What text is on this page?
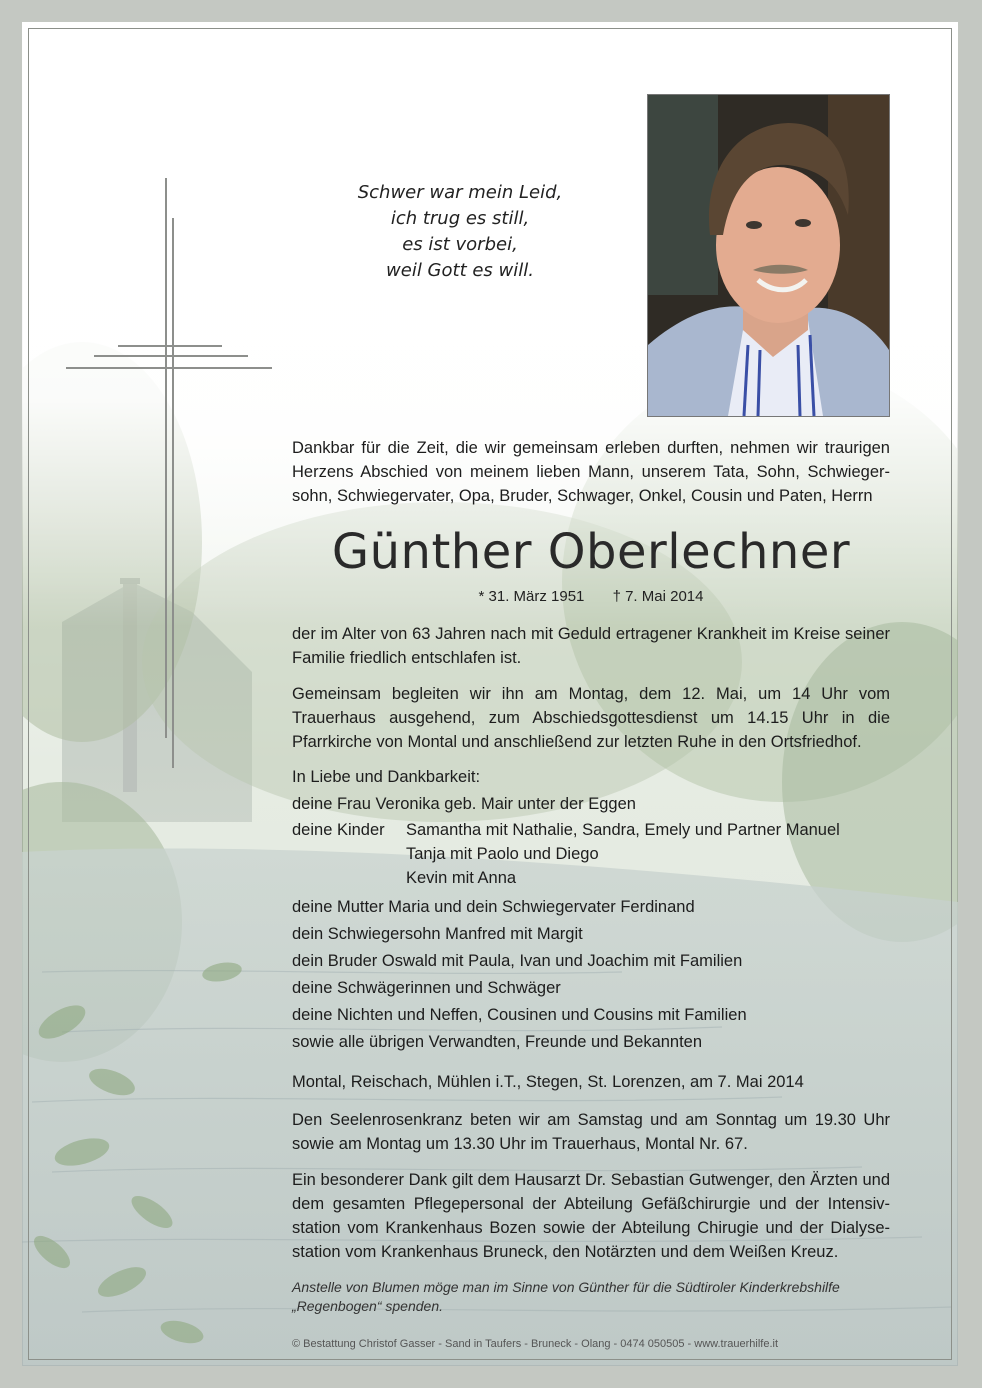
Schwer war mein Leid,
ich trug es still,
es ist vorbei,
weil Gott es will.
Dankbar für die Zeit, die wir gemeinsam erleben durften, nehmen wir traurigen Herzens Abschied von meinem lieben Mann, unserem Tata, Sohn, Schwieger-sohn, Schwiegervater, Opa, Bruder, Schwager, Onkel, Cousin und Paten, Herrn
Günther Oberlechner
* 31. März 1951 † 7. Mai 2014
der im Alter von 63 Jahren nach mit Geduld ertragener Krankheit im Kreise seiner Familie friedlich entschlafen ist.
Gemeinsam begleiten wir ihn am Montag, dem 12. Mai, um 14 Uhr vom Trauerhaus ausgehend, zum Abschiedsgottesdienst um 14.15 Uhr in die Pfarrkirche von Montal und anschließend zur letzten Ruhe in den Ortsfriedhof.
In Liebe und Dankbarkeit:
deine Frau Veronika geb. Mair unter der Eggen
deine Kinder	Samantha mit Nathalie, Sandra, Emely und Partner Manuel
Tanja mit Paolo und Diego
Kevin mit Anna
deine Mutter Maria und dein Schwiegervater Ferdinand
dein Schwiegersohn Manfred mit Margit
dein Bruder Oswald mit Paula, Ivan und Joachim mit Familien
deine Schwägerinnen und Schwäger
deine Nichten und Neffen, Cousinen und Cousins mit Familien
sowie alle übrigen Verwandten, Freunde und Bekannten
Montal, Reischach, Mühlen i.T., Stegen, St. Lorenzen, am 7. Mai 2014
Den Seelenrosenkranz beten wir am Samstag und am Sonntag um 19.30 Uhr sowie am Montag um 13.30 Uhr im Trauerhaus, Montal Nr. 67.
Ein besonderer Dank gilt dem Hausarzt Dr. Sebastian Gutwenger, den Ärzten und dem gesamten Pflegepersonal der Abteilung Gefäßchirurgie und der Intensiv-station vom Krankenhaus Bozen sowie der Abteilung Chirugie und der Dialyse-station vom Krankenhaus Bruneck, den Notärzten und dem Weißen Kreuz.
Anstelle von Blumen möge man im Sinne von Günther für die Südtiroler Kinderkrebshilfe „Regenbogen“ spenden.
© Bestattung Christof Gasser - Sand in Taufers - Bruneck - Olang - 0474 050505 - www.trauerhilfe.it
